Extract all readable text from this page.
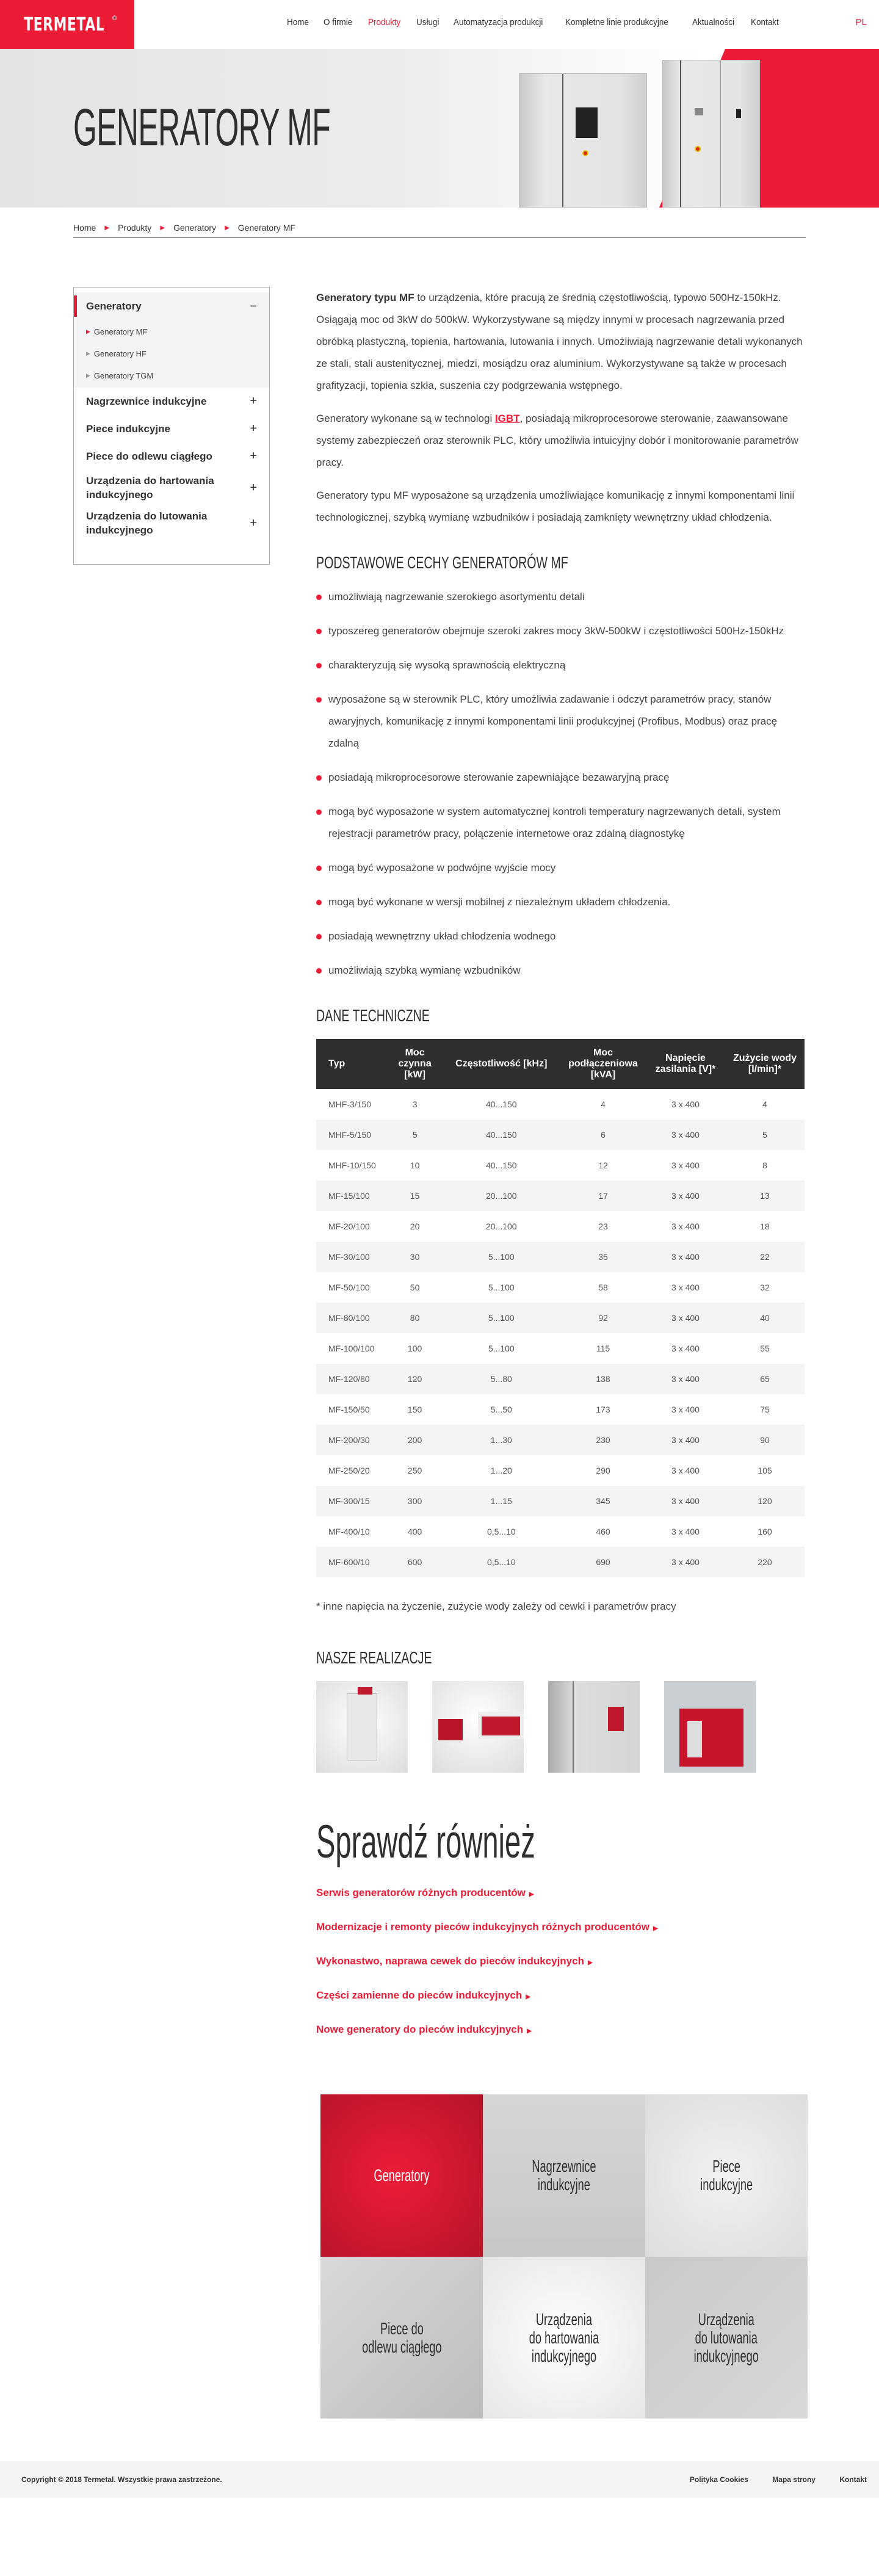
TERMETAL ®	Home O firmie Produkty Usługi Automatyzacja produkcji Kompletne linie produkcyjne	Aktualności Kontakt	PL
GENERATORY MF
Home ▶ Produkty ▶ Generatory ▶ Generatory MF
Generatory	−
▶ Generatory MF
▶ Generatory HF
▶ Generatory TGM
Nagrzewnice indukcyjne	+
Piece indukcyjne	+
Piece do odlewu ciągłego	+
Urządzenia do hartowania indukcyjnego
+
Urządzenia do lutowania indukcyjnego
+

Generatory typu MF to urządzenia, które pracują ze średnią częstotliwością, typowo 500Hz-150kHz. Osiągają moc od 3kW do 500kW. Wykorzystywane są między innymi w procesach nagrzewania przed obróbką plastyczną, topienia, hartowania, lutowania i innych. Umożliwiają nagrzewanie detali wykonanych ze stali, stali austenitycznej, miedzi, mosiądzu oraz aluminium. Wykorzystywane są także w procesach grafityzacji, topienia szkła, suszenia czy podgrzewania wstępnego.

Generatory wykonane są w technologi IGBT, posiadają mikroprocesorowe sterowanie, zaawansowane systemy zabezpieczeń oraz sterownik PLC, który umożliwia intuicyjny dobór i monitorowanie parametrów pracy.

Generatory typu MF wyposażone są urządzenia umożliwiające komunikację z innymi komponentami linii technologicznej, szybką wymianę wzbudników i posiadają zamknięty wewnętrzny układ chłodzenia.

PODSTAWOWE CECHY GENERATORÓW MF
umożliwiają nagrzewanie szerokiego asortymentu detali
typoszereg generatorów obejmuje szeroki zakres mocy 3kW-500kW i częstotliwości 500Hz-150kHz
charakteryzują się wysoką sprawnością elektryczną
wyposażone są w sterownik PLC, który umożliwia zadawanie i odczyt parametrów pracy, stanów awaryjnych, komunikację z innymi komponentami linii produkcyjnej (Profibus, Modbus) oraz pracę zdalną
posiadają mikroprocesorowe sterowanie zapewniające bezawaryjną pracę
mogą być wyposażone w system automatycznej kontroli temperatury nagrzewanych detali, system rejestracji parametrów pracy, połączenie internetowe oraz zdalną diagnostykę
mogą być wyposażone w podwójne wyjście mocy
mogą być wykonane w wersji mobilnej z niezależnym układem chłodzenia.
posiadają wewnętrzny układ chłodzenia wodnego
umożliwiają szybką wymianę wzbudników
DANE TECHNICZNE
Typ	Moc czynna [kW]	Częstotliwość [kHz]	Moc podłączeniowa [kVA]	Napięcie zasilania [V]*	Zużycie wody [l/min]*
MHF-3/150	3	40...150	4	3 x 400	4
MHF-5/150	5	40...150	6	3 x 400	5
MHF-10/150	10	40...150	12	3 x 400	8
MF-15/100	15	20...100	17	3 x 400	13
MF-20/100	20	20...100	23	3 x 400	18
MF-30/100	30	5...100	35	3 x 400	22
MF-50/100	50	5...100	58	3 x 400	32
MF-80/100	80	5...100	92	3 x 400	40
MF-100/100	100	5...100	115	3 x 400	55
MF-120/80	120	5...80	138	3 x 400	65
MF-150/50	150	5...50	173	3 x 400	75
MF-200/30	200	1...30	230	3 x 400	90
MF-250/20	250	1...20	290	3 x 400	105
MF-300/15	300	1...15	345	3 x 400	120
MF-400/10	400	0,5...10	460	3 x 400	160
MF-600/10	600	0,5...10	690	3 x 400	220

* inne napięcia na życzenie, zużycie wody zależy od cewki i parametrów pracy

NASZE REALIZACJE
Sprawdź również
Serwis generatorów różnych producentów ▶
Modernizacje i remonty pieców indukcyjnych różnych producentów ▶
Wykonastwo, naprawa cewek do pieców indukcyjnych ▶
Części zamienne do pieców indukcyjnych ▶
Nowe generatory do pieców indukcyjnych ▶
Generatory	Nagrzewnice
indukcyjne
Piece
indukcyjne
Piece do
odlewu ciągłego
Urządzenia
do hartowania
indukcyjnego
Urządzenia
do lutowania
indukcyjnego
Copyright © 2018 Termetal. Wszystkie prawa zastrzeżone.	Polityka Cookies	Mapa strony	Kontakt
